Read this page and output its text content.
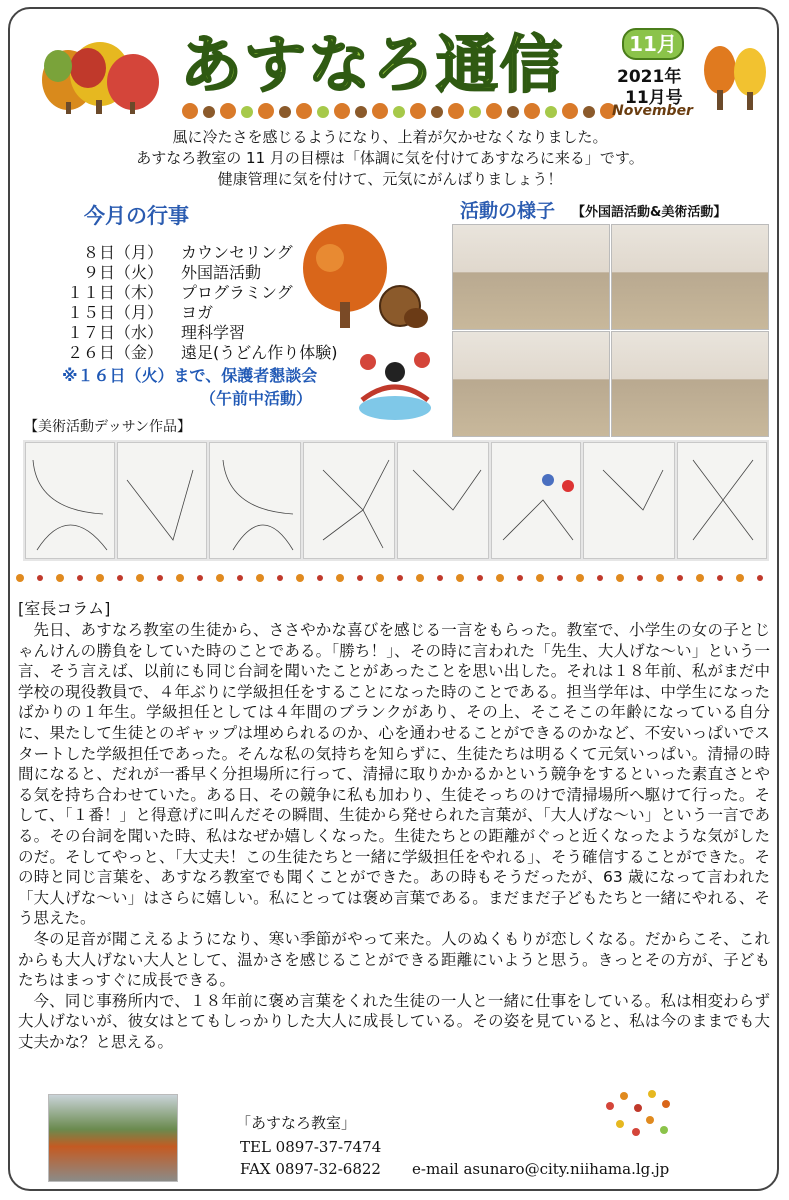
あすなろ通信	11月
2021年
11月号
November
風に冷たさを感じるようになり、上着が欠かせなくなりました。
あすなろ教室の 11 月の目標は「体調に気を付けてあすなろに来る」です。
健康管理に気を付けて、元気にがんばりましょう！
今月の行事
８日（月） カウンセリング
９日（火） 外国語活動
１１日（木） プログラミング
１５日（月） ヨガ
１７日（水） 理科学習
２６日（金） 遠足(うどん作り体験)
※１６日（火）まで、保護者懇談会
（午前中活動）
活動の様子 【外国語活動&美術活動】
【美術活動デッサン作品】
[室長コラム]

先日、あすなろ教室の生徒から、ささやかな喜びを感じる一言をもらった。教室で、小学生の女の子とじゃんけんの勝負をしていた時のことである。「勝ち！」、その時に言われた「先生、大人げな～い」という一言、そう言えば、以前にも同じ台詞を聞いたことがあったことを思い出した。それは１８年前、私がまだ中学校の現役教員で、４年ぶりに学級担任をすることになった時のことである。担当学年は、中学生になったばかりの１年生。学級担任としては４年間のブランクがあり、その上、そこそこの年齢になっている自分に、果たして生徒とのギャップは埋められるのか、心を通わせることができるのかなど、不安いっぱいでスタートした学級担任であった。そんな私の気持ちを知らずに、生徒たちは明るくて元気いっぱい。清掃の時間になると、だれが一番早く分担場所に行って、清掃に取りかかるかという競争をするといった素直さとやる気を持ち合わせていた。ある日、その競争に私も加わり、生徒そっちのけで清掃場所へ駆けて行った。そして、「１番！」と得意げに叫んだその瞬間、生徒から発せられた言葉が、「大人げな～い」という一言である。その台詞を聞いた時、私はなぜか嬉しくなった。生徒たちとの距離がぐっと近くなったような気がしたのだ。そしてやっと、「大丈夫！この生徒たちと一緒に学級担任をやれる」、そう確信することができた。その時と同じ言葉を、あすなろ教室でも聞くことができた。あの時もそうだったが、63 歳になって言われた「大人げな～い」はさらに嬉しい。私にとっては褒め言葉である。まだまだ子どもたちと一緒にやれる、そう思えた。

冬の足音が聞こえるようになり、寒い季節がやって来た。人のぬくもりが恋しくなる。だからこそ、これからも大人げない大人として、温かさを感じることができる距離にいようと思う。きっとその方が、子どもたちはまっすぐに成長できる。

今、同じ事務所内で、１８年前に褒め言葉をくれた生徒の一人と一緒に仕事をしている。私は相変わらず大人げないが、彼女はとてもしっかりした大人に成長している。その姿を見ていると、私は今のままでも大丈夫かな？と思える。

「あすなろ教室」
TEL 0897-37-7474
FAX 0897-32-6822 e-mail asunaro@city.niihama.lg.jp
